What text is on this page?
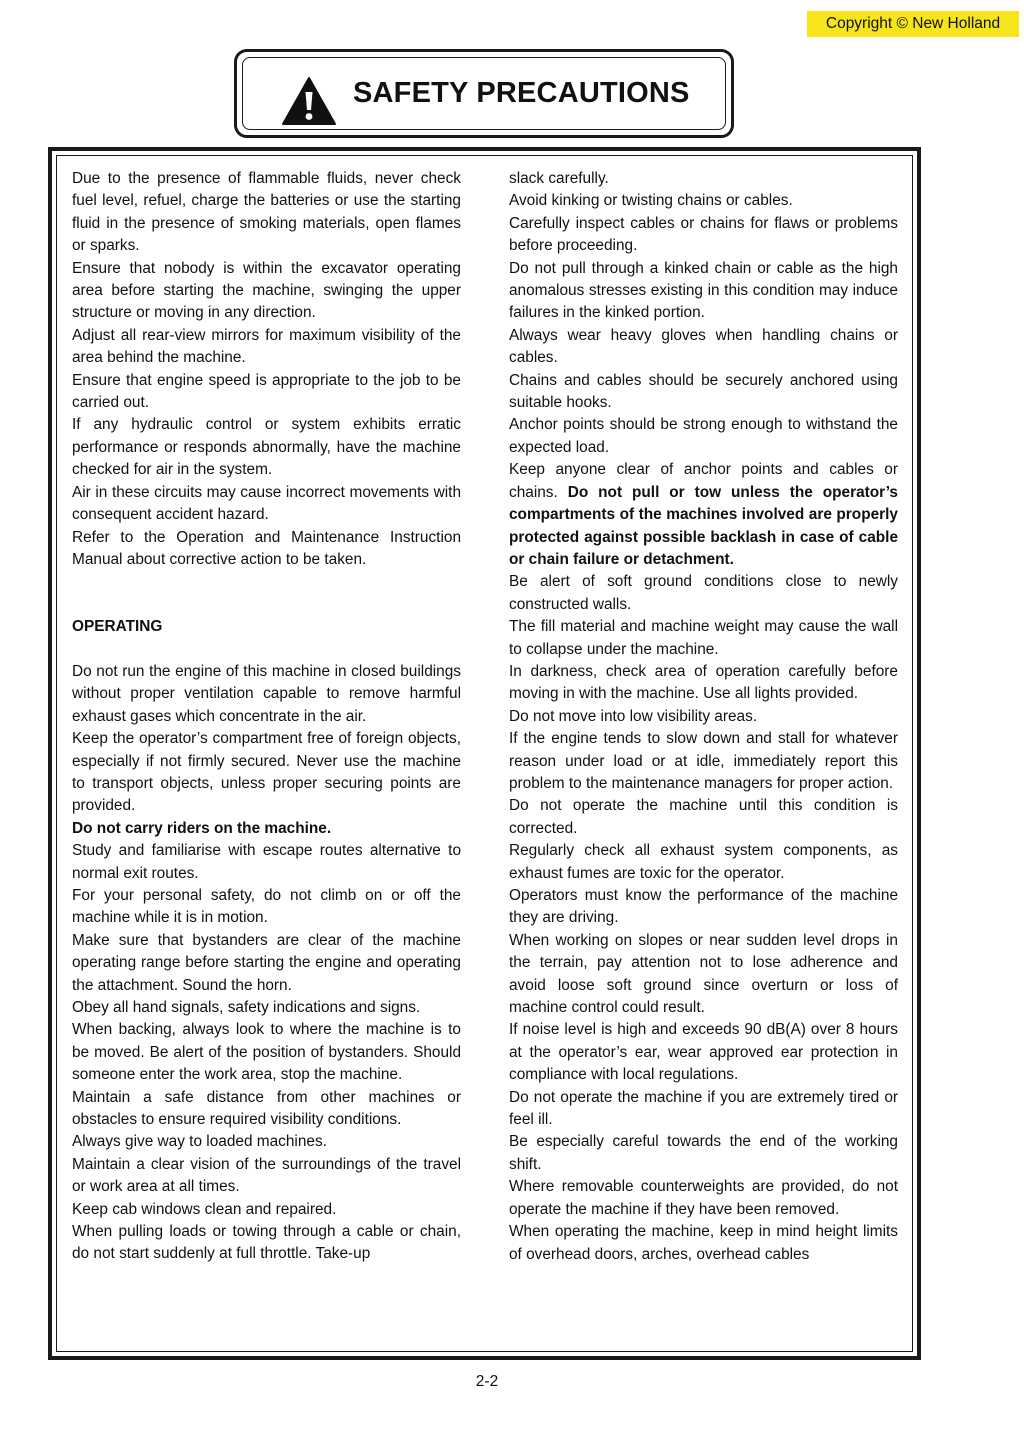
Copyright © New Holland
SAFETY PRECAUTIONS

Due to the presence of flammable fluids, never check fuel level, refuel, charge the batteries or use the starting fluid in the presence of smoking materials, open flames or sparks.

Ensure that nobody is within the excavator operating area before starting the machine, swinging the upper structure or moving in any direction.

Adjust all rear-view mirrors for maximum visibility of the area behind the machine.

Ensure that engine speed is appropriate to the job to be carried out.

If any hydraulic control or system exhibits erratic performance or responds abnormally, have the machine checked for air in the system.

Air in these circuits may cause incorrect movements with consequent accident hazard.

Refer to the Operation and Maintenance Instruction Manual about corrective action to be taken.

OPERATING

Do not run the engine of this machine in closed buildings without proper ventilation capable to remove harmful exhaust gases which concentrate in the air.

Keep the operator’s compartment free of foreign objects, especially if not firmly secured. Never use the machine to transport objects, unless proper securing points are provided.

Do not carry riders on the machine.

Study and familiarise with escape routes alternative to normal exit routes.

For your personal safety, do not climb on or off the machine while it is in motion.

Make sure that bystanders are clear of the machine operating range before starting the engine and operating the attachment. Sound the horn.

Obey all hand signals, safety indications and signs.

When backing, always look to where the machine is to be moved. Be alert of the position of bystanders. Should someone enter the work area, stop the machine.

Maintain a safe distance from other machines or obstacles to ensure required visibility conditions.

Always give way to loaded machines.

Maintain a clear vision of the surroundings of the travel or work area at all times.

Keep cab windows clean and repaired.

When pulling loads or towing through a cable or chain, do not start suddenly at full throttle. Take-up

slack carefully.

Avoid kinking or twisting chains or cables.

Carefully inspect cables or chains for flaws or problems before proceeding.

Do not pull through a kinked chain or cable as the high anomalous stresses existing in this condition may induce failures in the kinked portion.

Always wear heavy gloves when handling chains or cables.

Chains and cables should be securely anchored using suitable hooks.

Anchor points should be strong enough to withstand the expected load.

Keep anyone clear of anchor points and cables or chains. Do not pull or tow unless the operator’s compartments of the machines involved are properly protected against possible backlash in case of cable or chain failure or detachment.

Be alert of soft ground conditions close to newly constructed walls.

The fill material and machine weight may cause the wall to collapse under the machine.

In darkness, check area of operation carefully before moving in with the machine. Use all lights provided.

Do not move into low visibility areas.

If the engine tends to slow down and stall for whatever reason under load or at idle, immediately report this problem to the maintenance managers for proper action.

Do not operate the machine until this condition is corrected.

Regularly check all exhaust system components, as exhaust fumes are toxic for the operator.

Operators must know the performance of the machine they are driving.

When working on slopes or near sudden level drops in the terrain, pay attention not to lose adherence and avoid loose soft ground since overturn or loss of machine control could result.

If noise level is high and exceeds 90 dB(A) over 8 hours at the operator’s ear, wear approved ear protection in compliance with local regulations.

Do not operate the machine if you are extremely tired or feel ill.

Be especially careful towards the end of the working shift.

Where removable counterweights are provided, do not operate the machine if they have been removed.

When operating the machine, keep in mind height limits of overhead doors, arches, overhead cables

2-2
